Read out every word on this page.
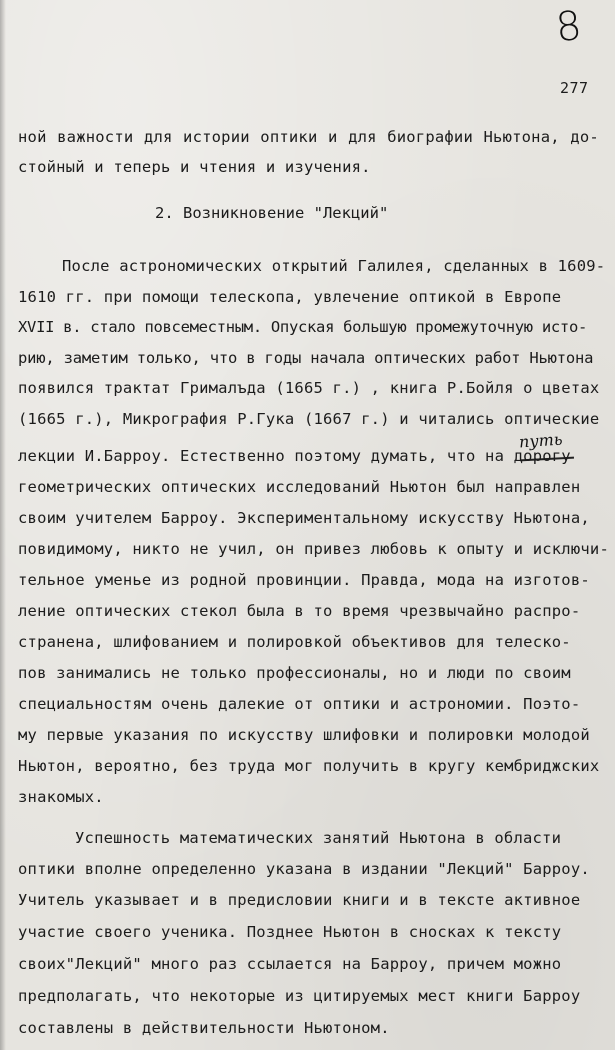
8
277
2. Возникновение "Лекций"
путь
ной важности для истории оптики и для биографии Ньютона, до-
стойный и теперь и чтения и изучения.
После астрономических открытий Галилея, сделанных в 1609-
1610 гг. при помощи телескопа, увлечение оптикой в Европе
XVII в. стало повсеместным. Опуская большую промежуточную исто-
рию, заметим только, что в годы начала оптических работ Ньютона
появился трактат Грималъда (1665 г.) , книга Р.Бойля о цветах
(1665 г.), Микрография Р.Гука (1667 г.) и читались оптические
лекции И.Барроу. Естественно поэтому думать, что на дорогу
геометрических оптических исследований Ньютон был направлен
своим учителем Барроу. Экспериментальному искусству Ньютона,
повидимому, никто не учил, он привез любовь к опыту и исключи-
тельное уменье из родной провинции. Правда, мода на изготов-
ление оптических стекол была в то время чрезвычайно распро-
странена, шлифованием и полировкой объективов для телеско-
пов занимались не только профессионалы, но и люди по своим
специальностям очень далекие от оптики и астрономии. Поэто-
му первые указания по искусству шлифовки и полировки молодой
Ньютон, вероятно, без труда мог получить в кругу кембриджских
знакомых.
Успешность математических занятий Ньютона в области
оптики вполне определенно указана в издании "Лекций" Барроу.
Учитель указывает и в предисловии книги и в тексте активное
участие своего ученика. Позднее Ньютон в сносках к тексту
своих"Лекций" много раз ссылается на Барроу, причем можно
предполагать, что некоторые из цитируемых мест книги Барроу
составлены в действительности Ньютоном.
